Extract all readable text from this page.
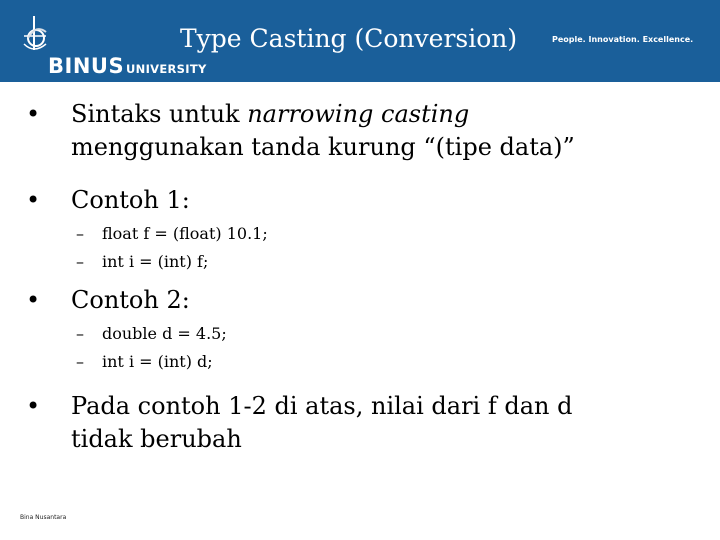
BINUS UNIVERSITY
Type Casting (Conversion)	People. Innovation. Excellence.
• Sintaks untuk narrowing casting
menggunakan tanda kurung “(tipe data)”
• Contoh 1:
– float f = (float) 10.1;
– int i = (int) f;
• Contoh 2:
– double d = 4.5;
– int i = (int) d;
• Pada contoh 1-2 di atas, nilai dari f dan d
tidak berubah
Bina Nusantara
